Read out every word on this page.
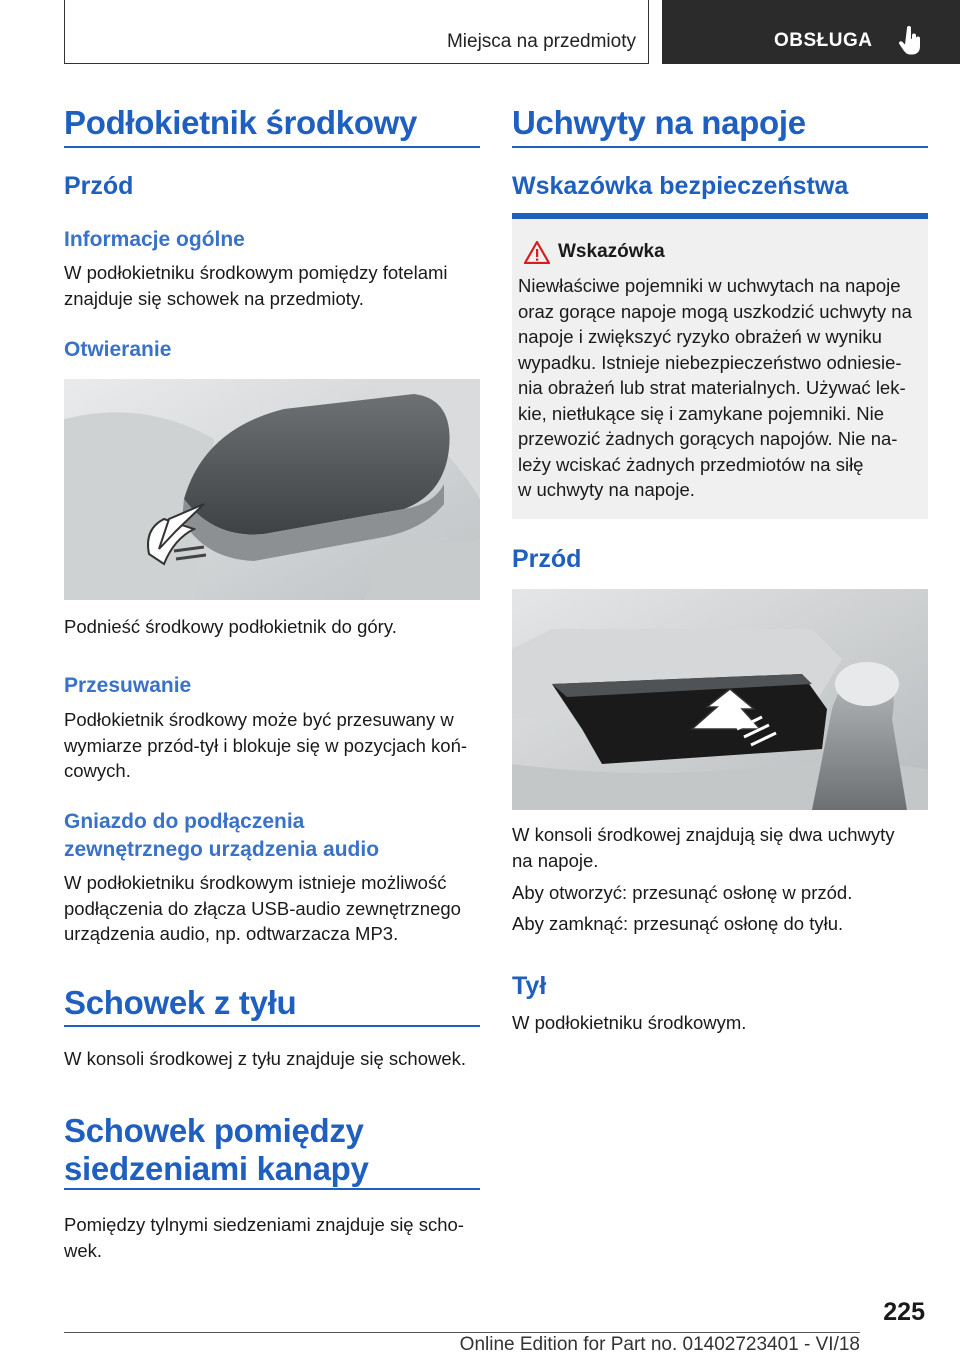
Miejsca na przedmioty	OBSŁUGA
Podłokietnik środkowy
Przód
Informacje ogólne
W podłokietniku środkowym pomiędzy fotelami
znajduje się schowek na przedmioty.
Otwieranie
Podnieść środkowy podłokietnik do góry.
Przesuwanie
Podłokietnik środkowy może być przesuwany w
wymiarze przód-tył i blokuje się w pozycjach koń-
cowych.
Gniazdo do podłączenia
zewnętrznego urządzenia audio
W podłokietniku środkowym istnieje możliwość
podłączenia do złącza USB-audio zewnętrznego
urządzenia audio, np. odtwarzacza MP3.
Schowek z tyłu
W konsoli środkowej z tyłu znajduje się schowek.
Schowek pomiędzy
siedzeniami kanapy
Pomiędzy tylnymi siedzeniami znajduje się scho-
wek.
Uchwyty na napoje
Wskazówka bezpieczeństwa
Wskazówka
Niewłaściwe pojemniki w uchwytach na napoje
oraz gorące napoje mogą uszkodzić uchwyty na
napoje i zwiększyć ryzyko obrażeń w wyniku
wypadku. Istnieje niebezpieczeństwo odniesie-
nia obrażeń lub strat materialnych. Używać lek-
kie, nietłukące się i zamykane pojemniki. Nie
przewozić żadnych gorących napojów. Nie na-
leży wciskać żadnych przedmiotów na siłę
w uchwyty na napoje.
Przód
W konsoli środkowej znajdują się dwa uchwyty
na napoje.
Aby otworzyć: przesunąć osłonę w przód.
Aby zamknąć: przesunąć osłonę do tyłu.
Tył
W podłokietniku środkowym.
225
Online Edition for Part no. 01402723401 - VI/18
